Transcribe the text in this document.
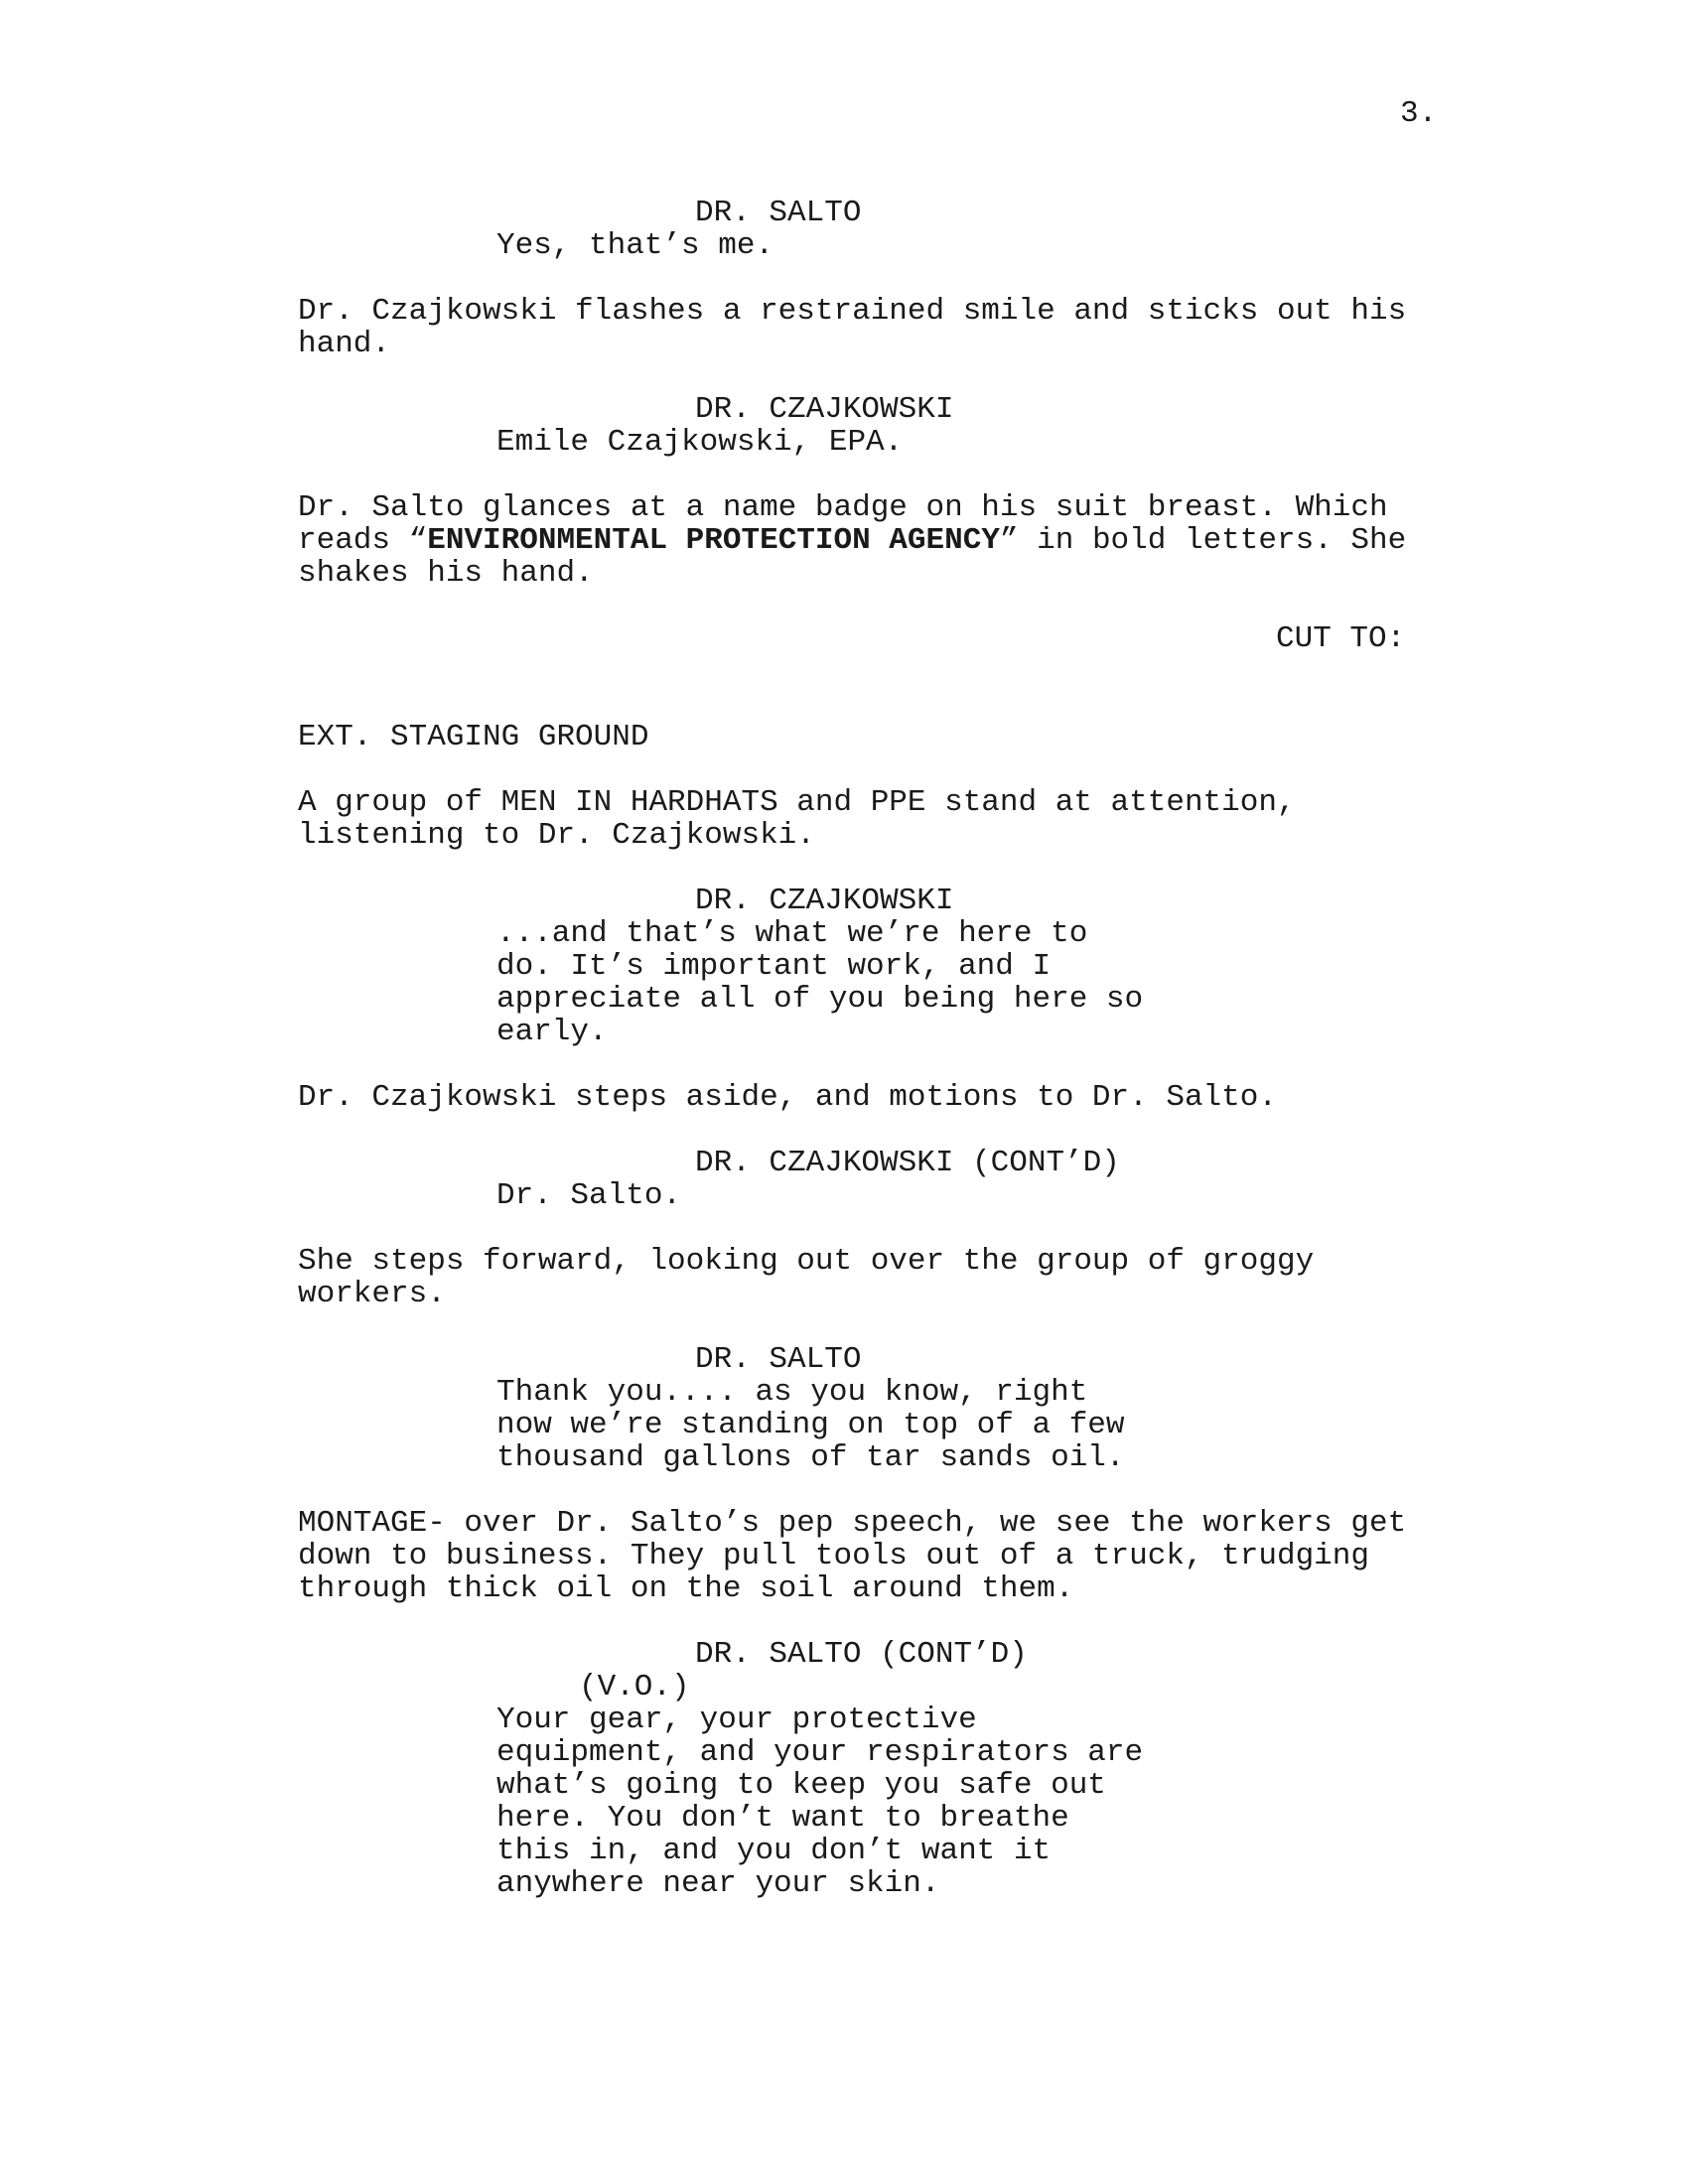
3.
DR. SALTO
Yes, that’s me.
Dr. Czajkowski flashes a restrained smile and sticks out his
hand.
DR. CZAJKOWSKI
Emile Czajkowski, EPA.
Dr. Salto glances at a name badge on his suit breast. Which
reads “ENVIRONMENTAL PROTECTION AGENCY” in bold letters. She
shakes his hand.
CUT TO:
EXT. STAGING GROUND
A group of MEN IN HARDHATS and PPE stand at attention,
listening to Dr. Czajkowski.
DR. CZAJKOWSKI
...and that’s what we’re here to
do. It’s important work, and I
appreciate all of you being here so
early.
Dr. Czajkowski steps aside, and motions to Dr. Salto.
DR. CZAJKOWSKI (CONT’D)
Dr. Salto.
She steps forward, looking out over the group of groggy
workers.
DR. SALTO
Thank you.... as you know, right
now we’re standing on top of a few
thousand gallons of tar sands oil.
MONTAGE- over Dr. Salto’s pep speech, we see the workers get
down to business. They pull tools out of a truck, trudging
through thick oil on the soil around them.
DR. SALTO (CONT’D)
(V.O.)
Your gear, your protective
equipment, and your respirators are
what’s going to keep you safe out
here. You don’t want to breathe
this in, and you don’t want it
anywhere near your skin.
